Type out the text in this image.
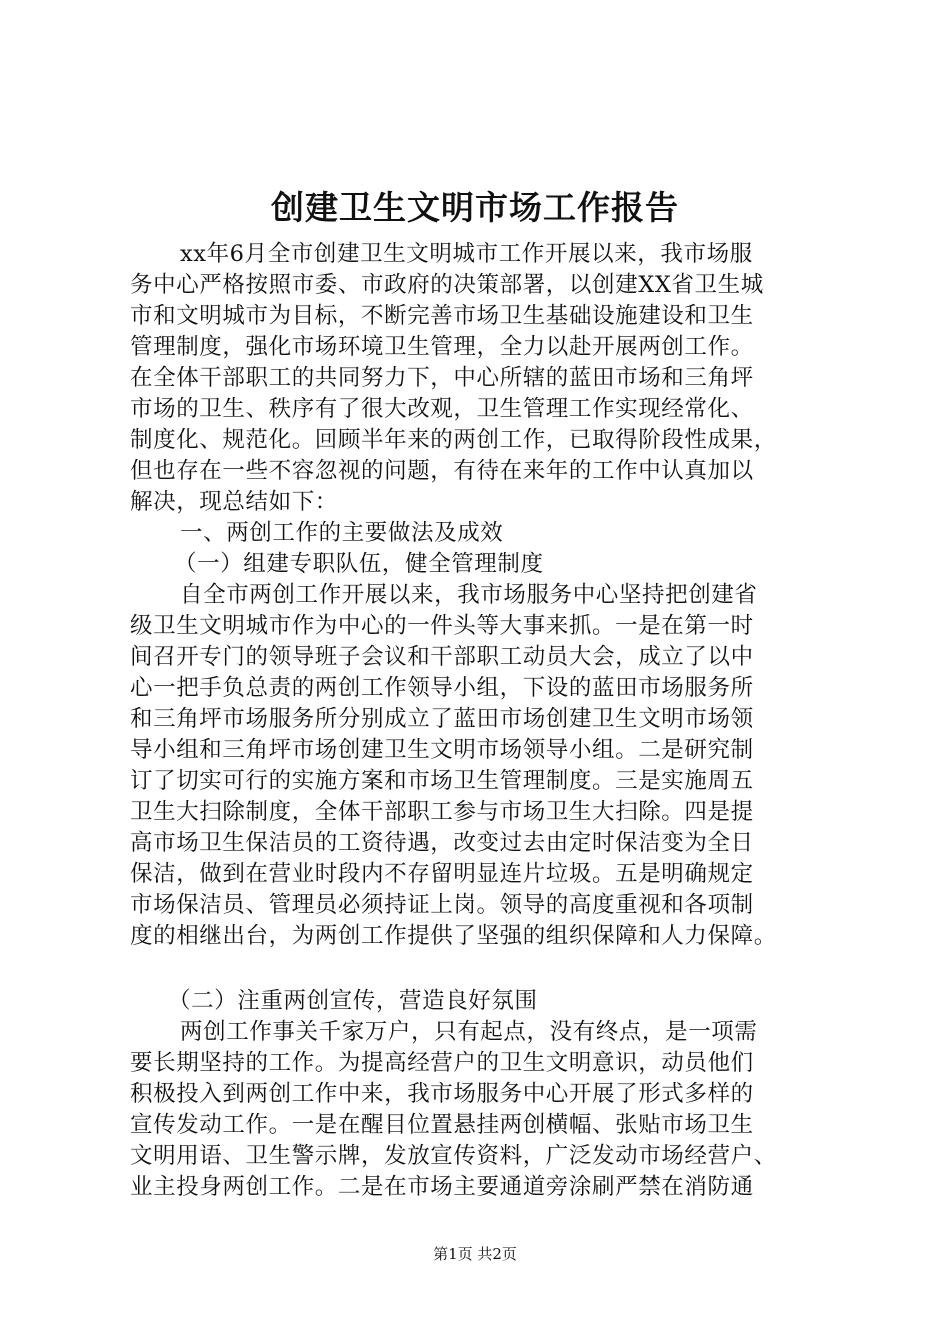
创建卫生文明市场工作报告
xx年6月全市创建卫生文明城市工作开展以来，我市场服
务中心严格按照市委、市政府的决策部署，以创建XX省卫生城
市和文明城市为目标，不断完善市场卫生基础设施建设和卫生
管理制度，强化市场环境卫生管理，全力以赴开展两创工作。
在全体干部职工的共同努力下，中心所辖的蓝田市场和三角坪
市场的卫生、秩序有了很大改观，卫生管理工作实现经常化、
制度化、规范化。回顾半年来的两创工作，已取得阶段性成果，
但也存在一些不容忽视的问题，有待在来年的工作中认真加以
解决，现总结如下：
一、两创工作的主要做法及成效
（一）组建专职队伍，健全管理制度
自全市两创工作开展以来，我市场服务中心坚持把创建省
级卫生文明城市作为中心的一件头等大事来抓。一是在第一时
间召开专门的领导班子会议和干部职工动员大会，成立了以中
心一把手负总责的两创工作领导小组，下设的蓝田市场服务所
和三角坪市场服务所分别成立了蓝田市场创建卫生文明市场领
导小组和三角坪市场创建卫生文明市场领导小组。二是研究制
订了切实可行的实施方案和市场卫生管理制度。三是实施周五
卫生大扫除制度，全体干部职工参与市场卫生大扫除。四是提
高市场卫生保洁员的工资待遇，改变过去由定时保洁变为全日
保洁，做到在营业时段内不存留明显连片垃圾。五是明确规定
市场保洁员、管理员必须持证上岗。领导的高度重视和各项制
度的相继出台，为两创工作提供了坚强的组织保障和人力保障。
（二）注重两创宣传，营造良好氛围
两创工作事关千家万户，只有起点，没有终点，是一项需
要长期坚持的工作。为提高经营户的卫生文明意识，动员他们
积极投入到两创工作中来，我市场服务中心开展了形式多样的
宣传发动工作。一是在醒目位置悬挂两创横幅、张贴市场卫生
文明用语、卫生警示牌，发放宣传资料，广泛发动市场经营户、
业主投身两创工作。二是在市场主要通道旁涂刷严禁在消防通
第1页 共2页
